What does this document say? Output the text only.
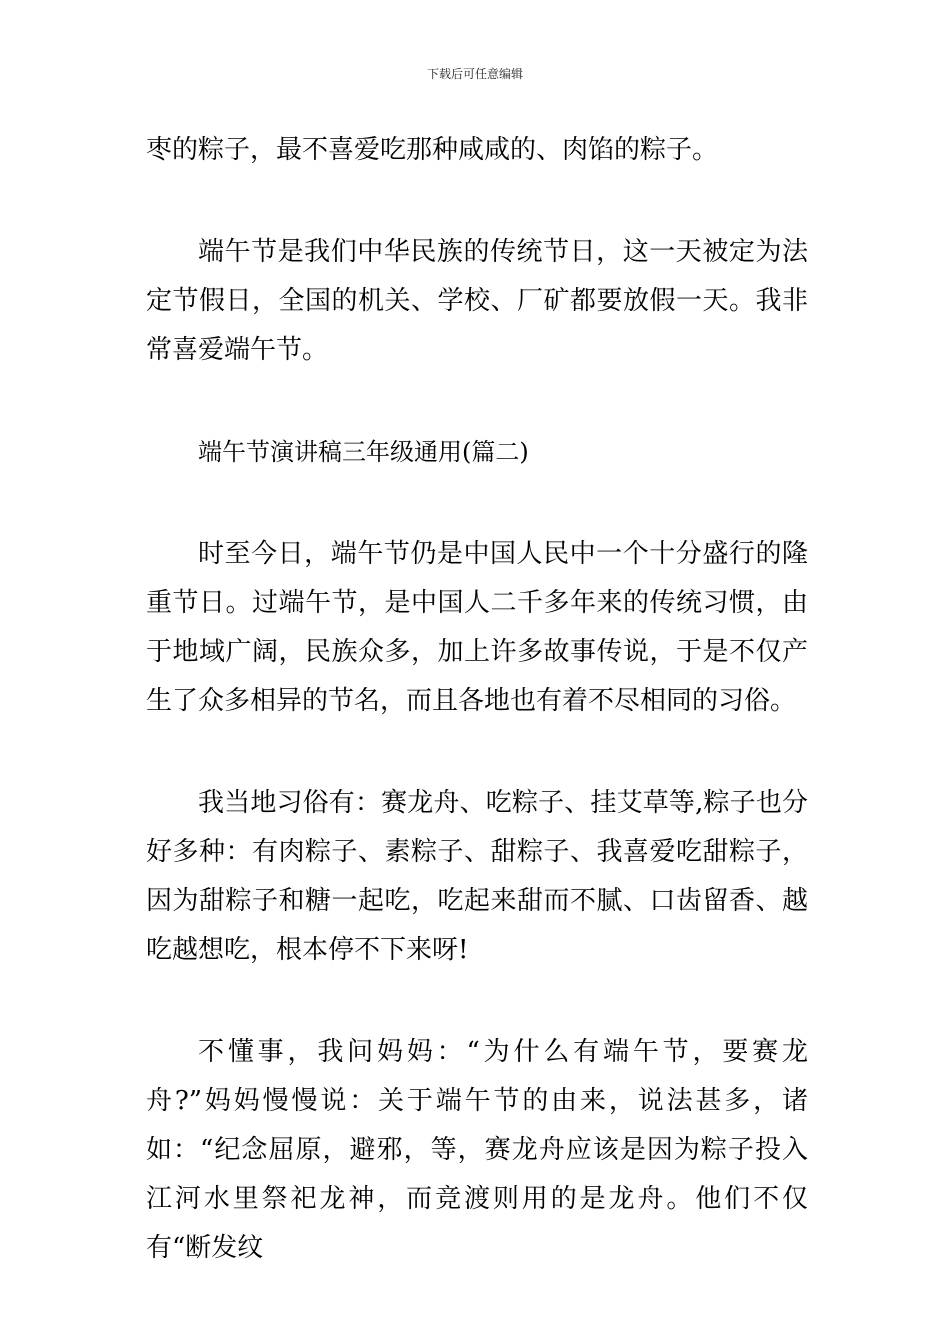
下载后可任意编辑

枣的粽子，最不喜爱吃那种咸咸的、肉馅的粽子。

端午节是我们中华民族的传统节日，这一天被定为法定节假日，全国的机关、学校、厂矿都要放假一天。我非常喜爱端午节。

端午节演讲稿三年级通用(篇二)

时至今日，端午节仍是中国人民中一个十分盛行的隆重节日。过端午节，是中国人二千多年来的传统习惯，由于地域广阔，民族众多，加上许多故事传说，于是不仅产生了众多相异的节名，而且各地也有着不尽相同的习俗。

我当地习俗有：赛龙舟、吃粽子、挂艾草等,粽子也分好多种：有肉粽子、素粽子、甜粽子、我喜爱吃甜粽子，因为甜粽子和糖一起吃，吃起来甜而不腻、口齿留香、越吃越想吃，根本停不下来呀!

不懂事，我问妈妈：“为什么有端午节，要赛龙舟?”妈妈慢慢说：关于端午节的由来，说法甚多，诸如：“纪念屈原，避邪，等，赛龙舟应该是因为粽子投入江河水里祭祀龙神，而竞渡则用的是龙舟。他们不仅有“断发纹
